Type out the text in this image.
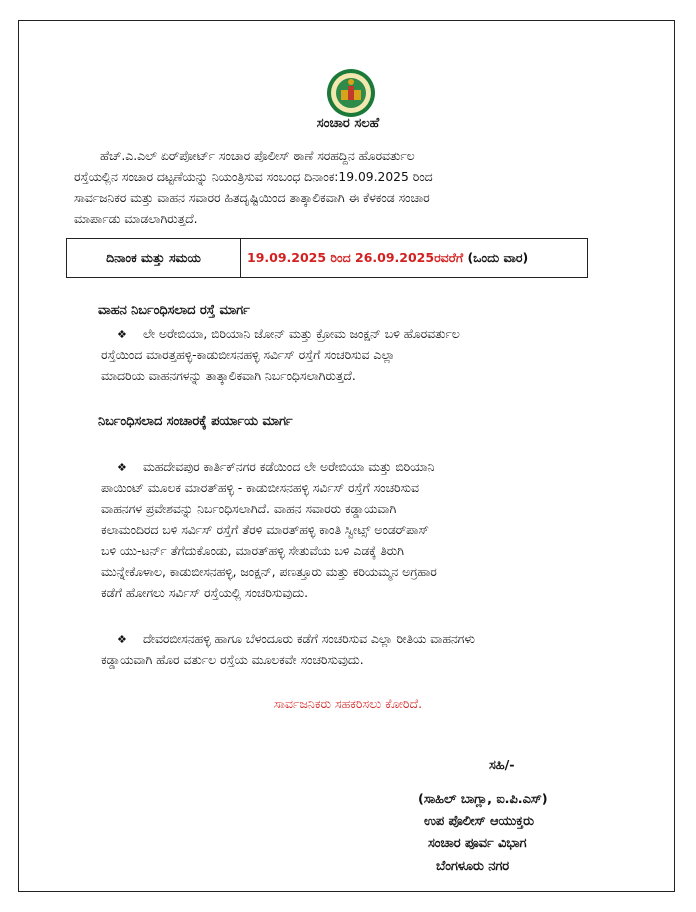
ಸಂಚಾರ ಸಲಹೆ
ಹೆಚ್.ಎ.ಎಲ್ ಏರ್‌ಪೋರ್ಟ್ ಸಂಚಾರ ಪೊಲೀಸ್ ಠಾಣೆ ಸರಹದ್ದಿನ ಹೊರವರ್ತುಲ
ರಸ್ತೆಯಲ್ಲಿನ ಸಂಚಾರ ದಟ್ಟಣೆಯನ್ನು ನಿಯಂತ್ರಿಸುವ ಸಂಬಂಧ ದಿನಾಂಕ:19.09.2025 ರಿಂದ
ಸಾರ್ವಜನಿಕರ ಮತ್ತು ವಾಹನ ಸವಾರರ ಹಿತದೃಷ್ಟಿಯಿಂದ ತಾತ್ಕಾಲಿಕವಾಗಿ ಈ ಕೆಳಕಂಡ ಸಂಚಾರ
ಮಾರ್ಪಾಡು ಮಾಡಲಾಗಿರುತ್ತದೆ.
ದಿನಾಂಕ ಮತ್ತು ಸಮಯ	19.09.2025 ರಿಂದ 26.09.2025ರವರೆಗೆ (ಒಂದು ವಾರ)
ವಾಹನ ನಿರ್ಬಂಧಿಸಲಾದ ರಸ್ತೆ ಮಾರ್ಗ
❖ ಲೇ ಅರೇಬಿಯಾ, ಬಿರಿಯಾನಿ ಜೋನ್ ಮತ್ತು ಕ್ರೋಮ ಜಂಕ್ಷನ್ ಬಳಿ ಹೊರವರ್ತುಲ
ರಸ್ತೆಯಿಂದ ಮಾರತ್ತಹಳ್ಳಿ-ಕಾಡುಬೀಸನಹಳ್ಳಿ ಸರ್ವಿಸ್ ರಸ್ತೆಗೆ ಸಂಚರಿಸುವ ಎಲ್ಲಾ
ಮಾದರಿಯ ವಾಹನಗಳನ್ನು ತಾತ್ಕಾಲಿಕವಾಗಿ ನಿರ್ಬಂಧಿಸಲಾಗಿರುತ್ತದೆ.
ನಿರ್ಬಂಧಿಸಲಾದ ಸಂಚಾರಕ್ಕೆ ಪರ್ಯಾಯ ಮಾರ್ಗ
❖ ಮಹದೇವಪುರ ಕಾರ್ತಿಕ್‌ನಗರ ಕಡೆಯಿಂದ ಲೇ ಅರೇಬಿಯಾ ಮತ್ತು ಬಿರಿಯಾನಿ
ಪಾಯಿಂಟ್ ಮೂಲಕ ಮಾರತ್‌ಹಳ್ಳಿ - ಕಾಡುಬೀಸನಹಳ್ಳಿ ಸರ್ವಿಸ್ ರಸ್ತೆಗೆ ಸಂಚರಿಸುವ
ವಾಹನಗಳ ಪ್ರವೇಶವನ್ನು ನಿರ್ಬಂಧಿಸಲಾಗಿದೆ. ವಾಹನ ಸವಾರರು ಕಡ್ಡಾಯವಾಗಿ
ಕಲಾಮಂದಿರದ ಬಳಿ ಸರ್ವಿಸ್ ರಸ್ತೆಗೆ ತೆರಳಿ ಮಾರತ್‌ಹಳ್ಳಿ ಕಾಂತಿ ಸ್ವೀಟ್ಸ್ ಅಂಡರ್‌ಪಾಸ್
ಬಳಿ ಯು-ಟರ್ನ್ ತೆಗೆದುಕೊಂಡು, ಮಾರತ್‌ಹಳ್ಳಿ ಸೇತುವೆಯ ಬಳಿ ಎಡಕ್ಕೆ ತಿರುಗಿ
ಮುನ್ನೇಕೊಳಾಲ, ಕಾಡುಬೀಸನಹಳ್ಳಿ, ಜಂಕ್ಷನ್, ಪಣತ್ತೂರು ಮತ್ತು ಕರಿಯಮ್ಮನ ಅಗ್ರಹಾರ
ಕಡೆಗೆ ಹೋಗಲು ಸರ್ವಿಸ್ ರಸ್ತೆಯಲ್ಲಿ ಸಂಚರಿಸುವುದು.
❖ ದೇವರಬೀಸನಹಳ್ಳಿ ಹಾಗೂ ಬೆಳಂದೂರು ಕಡೆಗೆ ಸಂಚರಿಸುವ ಎಲ್ಲಾ ರೀತಿಯ ವಾಹನಗಳು
ಕಡ್ಡಾಯವಾಗಿ ಹೊರ ವರ್ತುಲ ರಸ್ತೆಯ ಮೂಲಕವೇ ಸಂಚರಿಸುವುದು.
ಸಾರ್ವಜನಿಕರು ಸಹಕರಿಸಲು ಕೋರಿದೆ.
ಸಹಿ/-
(ಸಾಹಿಲ್ ಬಾಗ್ಲಾ, ಐ.ಪಿ.ಎಸ್)
ಉಪ ಪೊಲೀಸ್ ಆಯುಕ್ತರು
ಸಂಚಾರ ಪೂರ್ವ ವಿಭಾಗ
ಬೆಂಗಳೂರು ನಗರ
